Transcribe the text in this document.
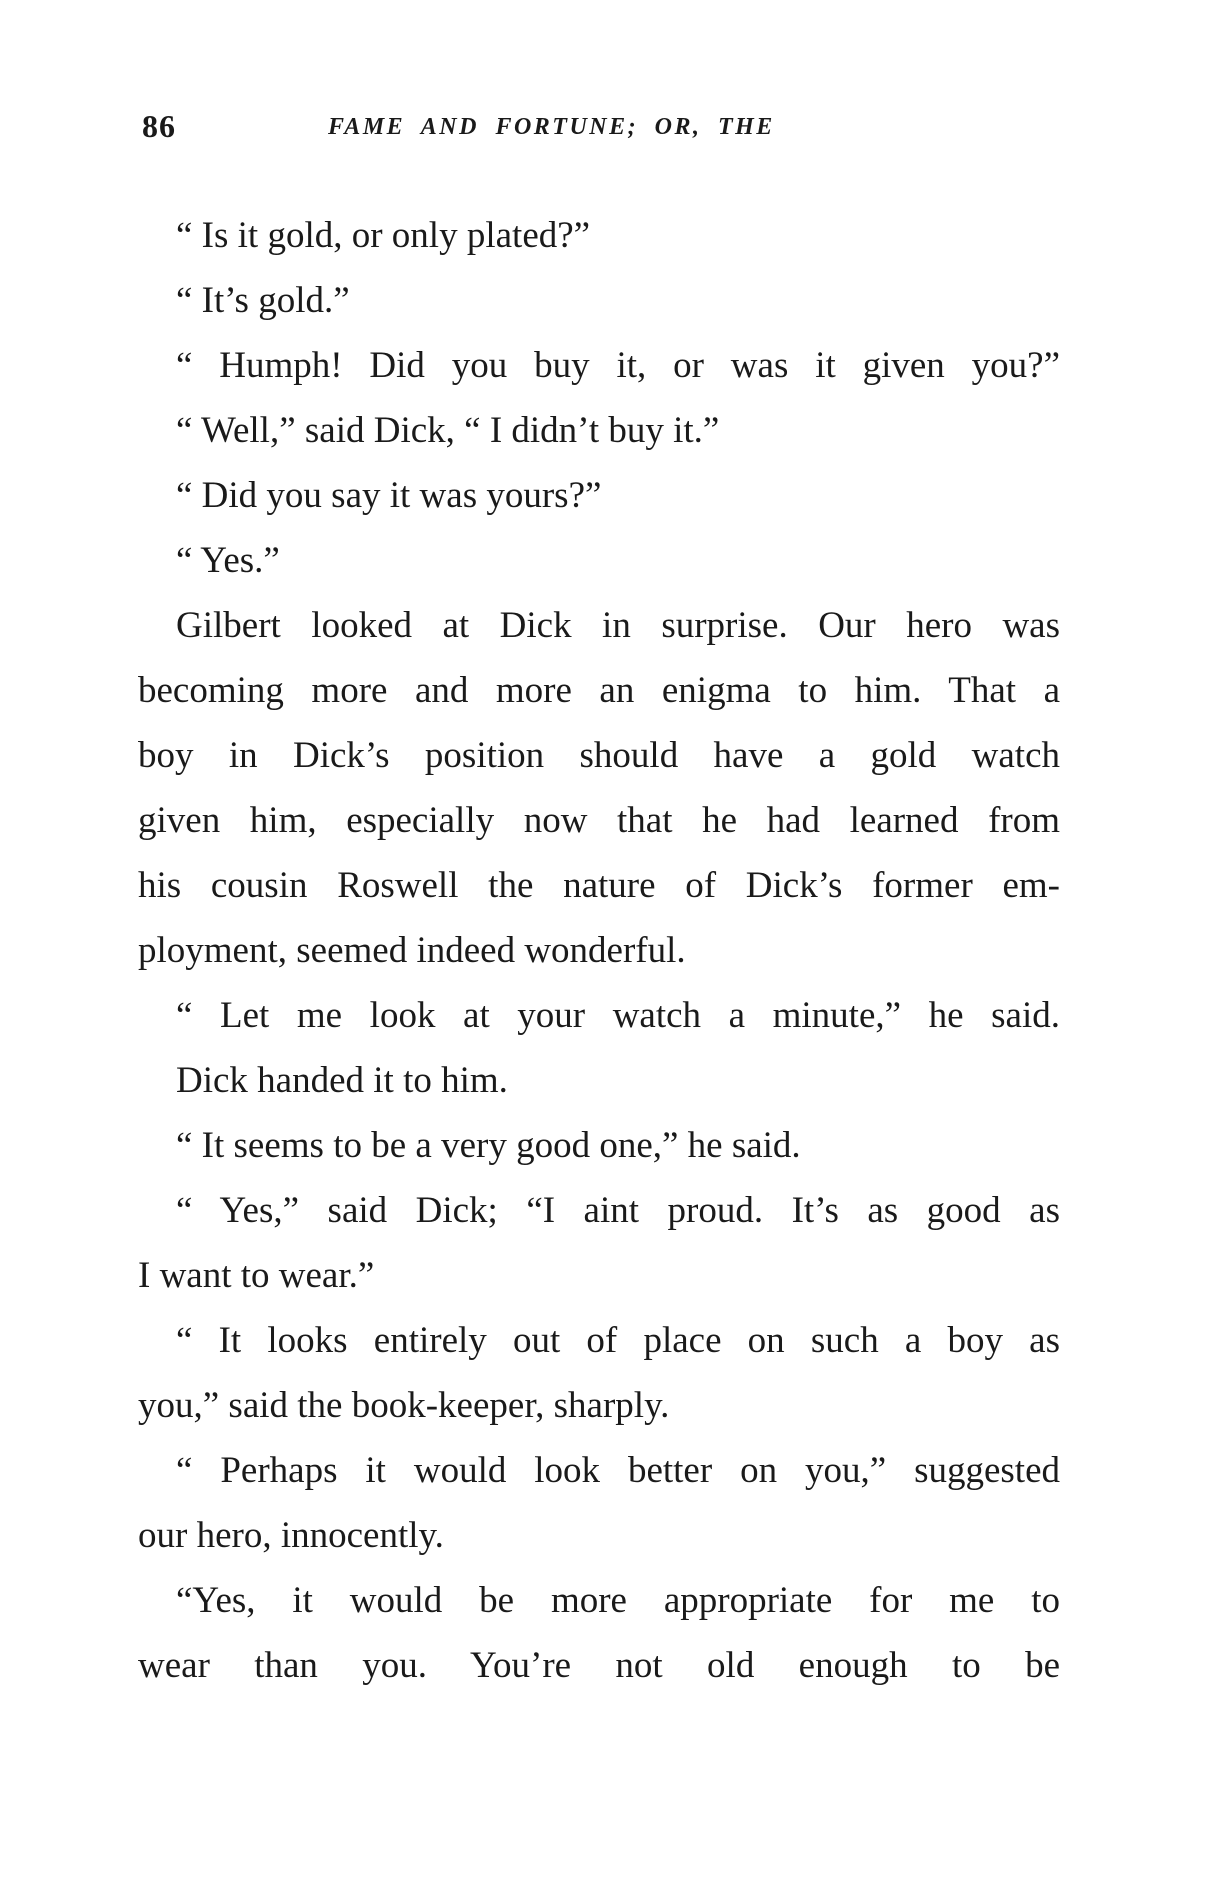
86	FAME AND FORTUNE; OR, THE
“ Is it gold, or only plated?”
“ It’s gold.”
“ Humph! Did you buy it, or was it given you?”
“ Well,” said Dick, “ I didn’t buy it.”
“ Did you say it was yours?”
“ Yes.”
Gilbert looked at Dick in surprise. Our hero was
becoming more and more an enigma to him. That a
boy in Dick’s position should have a gold watch
given him, especially now that he had learned from
his cousin Roswell the nature of Dick’s former em-
ployment, seemed indeed wonderful.
“ Let me look at your watch a minute,” he said.
Dick handed it to him.
“ It seems to be a very good one,” he said.
“ Yes,” said Dick; “I aint proud. It’s as good as
I want to wear.”
“ It looks entirely out of place on such a boy as
you,” said the book-keeper, sharply.
“ Perhaps it would look better on you,” suggested
our hero, innocently.
“Yes, it would be more appropriate for me to
wear than you. You’re not old enough to be
